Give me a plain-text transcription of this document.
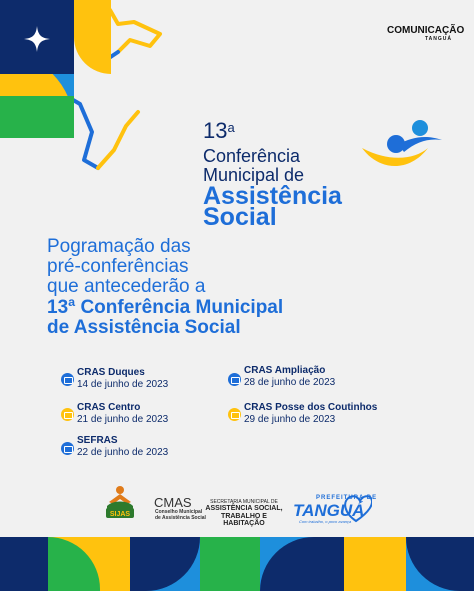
COMUNICAÇÃO
TANGUÁ
13$^a$
Conferência
Municipal de
Assistência
Social
Pogramação das
pré-conferências
que antecederão a
13ª Conferência Municipal
de Assistência Social
CRAS Duques
14 de junho de 2023
CRAS Ampliação
28 de junho de 2023
CRAS Centro
21 de junho de 2023
CRAS Posse dos Coutinhos
29 de junho de 2023
SEFRAS
22 de junho de 2023
SIJAS
CMAS
Conselho Municipal
de Assistência Social
SECRETARIA MUNICIPAL DE
ASSISTÊNCIA SOCIAL,
TRABALHO E HABITAÇÃO
PREFEITURA DE
TANGUÁ
Com trabalho, o povo avança
